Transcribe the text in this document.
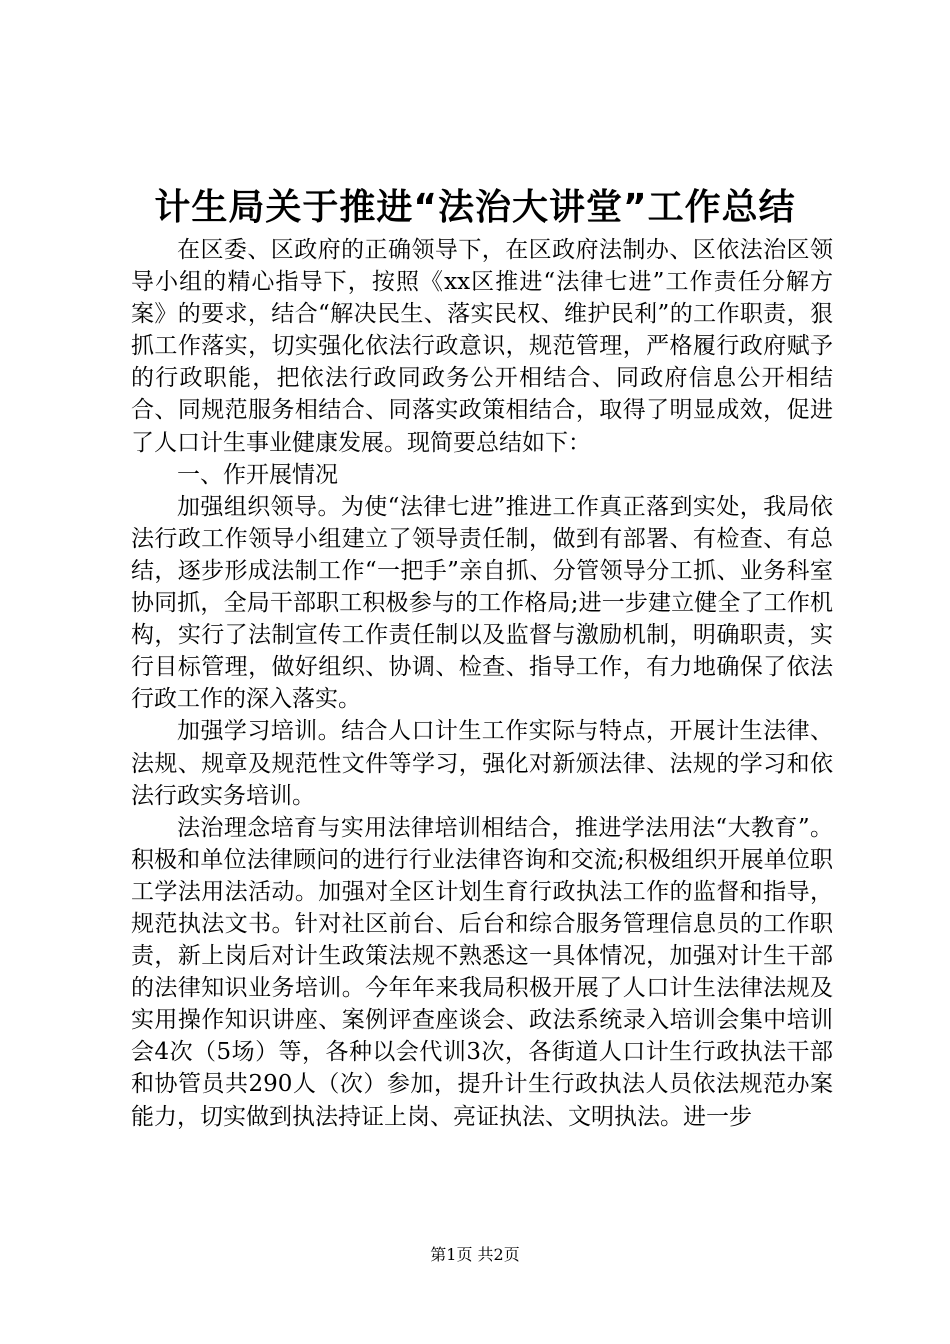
计生局关于推进“法治大讲堂”工作总结

在区委、区政府的正确领导下，在区政府法制办、区依法治区领导小组的精心指导下，按照《xx区推进“法律七进”工作责任分解方案》的要求，结合“解决民生、落实民权、维护民利”的工作职责，狠抓工作落实，切实强化依法行政意识，规范管理，严格履行政府赋予的行政职能，把依法行政同政务公开相结合、同政府信息公开相结合、同规范服务相结合、同落实政策相结合，取得了明显成效，促进了人口计生事业健康发展。现简要总结如下：

一、作开展情况

加强组织领导。为使“法律七进”推进工作真正落到实处，我局依法行政工作领导小组建立了领导责任制，做到有部署、有检查、有总结，逐步形成法制工作“一把手”亲自抓、分管领导分工抓、业务科室协同抓，全局干部职工积极参与的工作格局;进一步建立健全了工作机构，实行了法制宣传工作责任制以及监督与激励机制，明确职责，实行目标管理，做好组织、协调、检查、指导工作，有力地确保了依法行政工作的深入落实。

加强学习培训。结合人口计生工作实际与特点，开展计生法律、法规、规章及规范性文件等学习，强化对新颁法律、法规的学习和依法行政实务培训。

法治理念培育与实用法律培训相结合，推进学法用法“大教育”。积极和单位法律顾问的进行行业法律咨询和交流;积极组织开展单位职工学法用法活动。加强对全区计划生育行政执法工作的监督和指导，规范执法文书。针对社区前台、后台和综合服务管理信息员的工作职责，新上岗后对计生政策法规不熟悉这一具体情况，加强对计生干部的法律知识业务培训。今年年来我局积极开展了人口计生法律法规及实用操作知识讲座、案例评查座谈会、政法系统录入培训会集中培训会4次（5场）等，各种以会代训3次，各街道人口计生行政执法干部和协管员共290人（次）参加，提升计生行政执法人员依法规范办案能力，切实做到执法持证上岗、亮证执法、文明执法。进一步

第1页 共2页
